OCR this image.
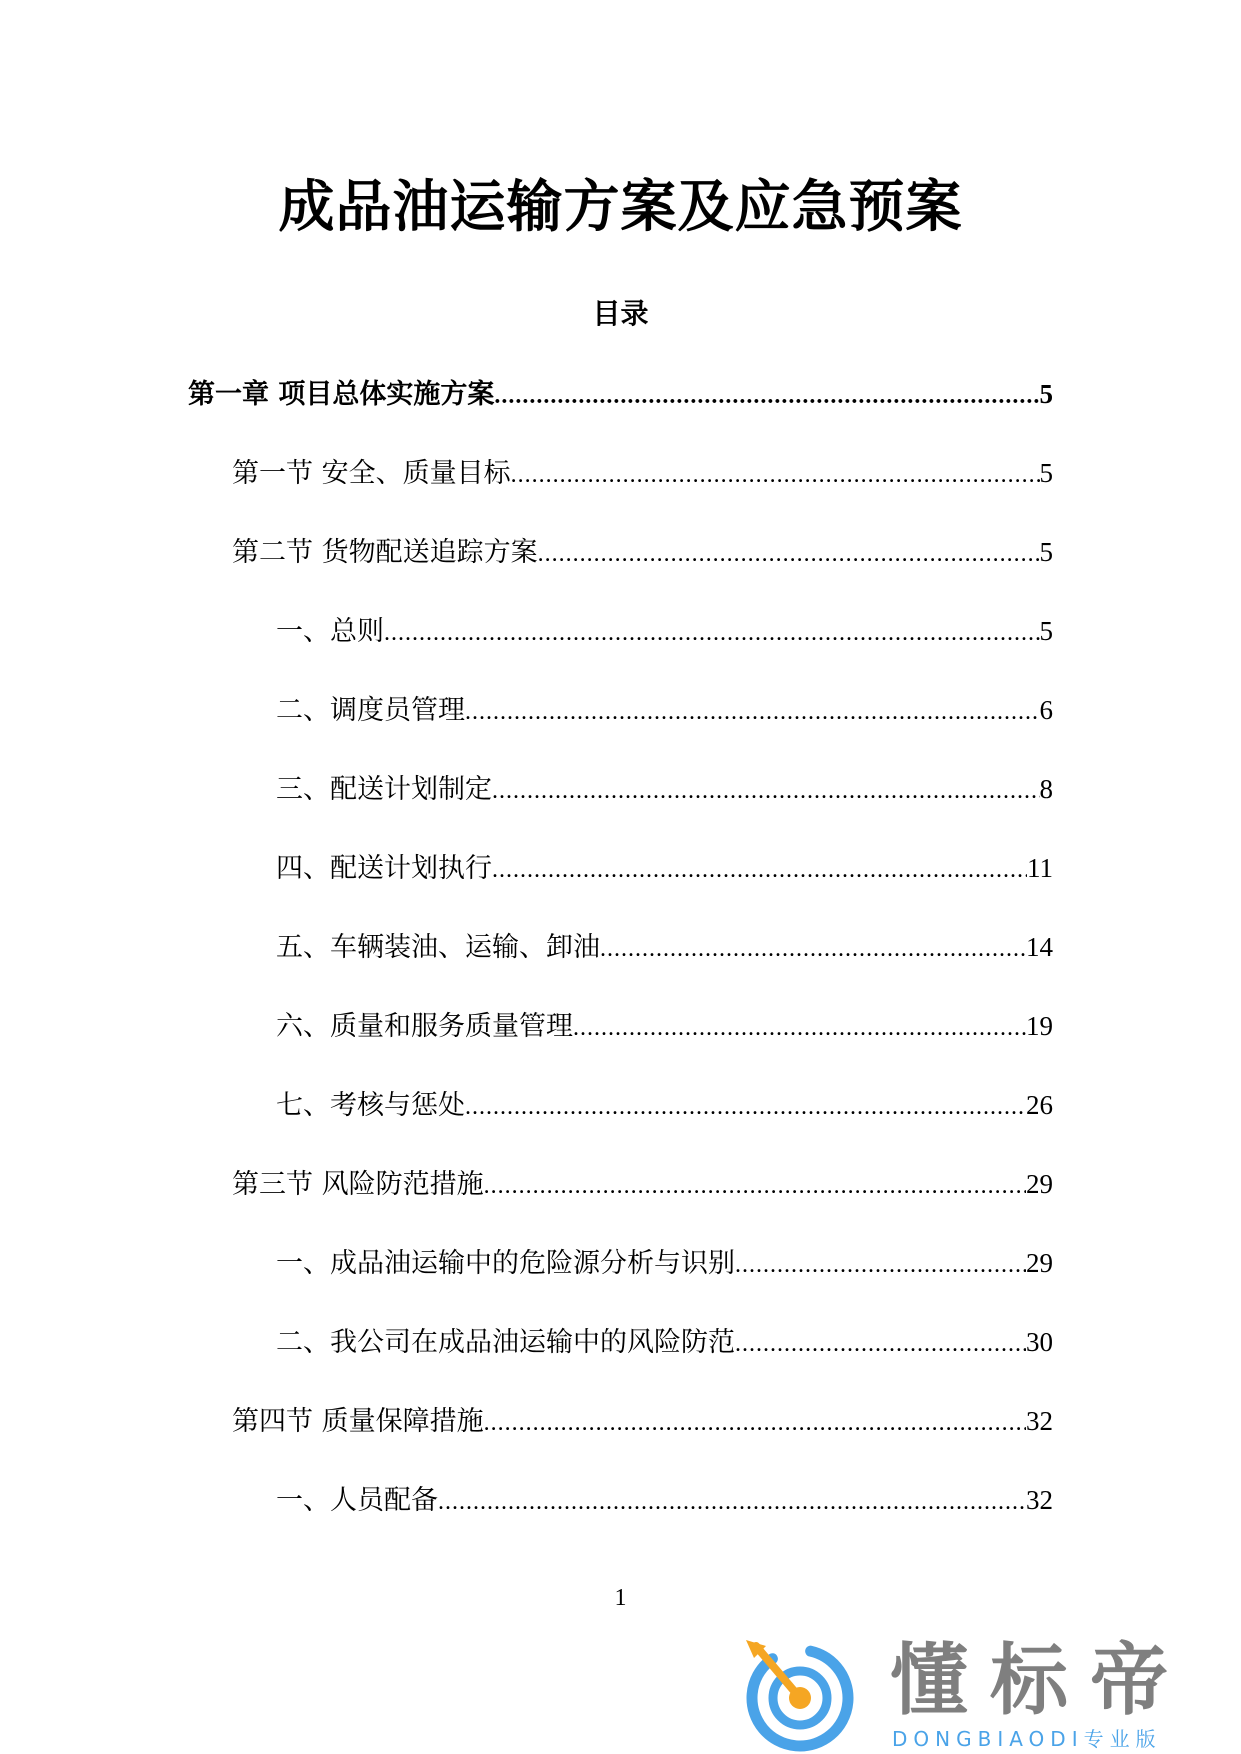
成品油运输方案及应急预案
目录
第一章 项目总体实施方案 .....	5
第一节 安全、质量目标 .....	5
第二节 货物配送追踪方案 .....	5
一、总则 .....	5
二、调度员管理 .....	6
三、配送计划制定 .....	8
四、配送计划执行 .....	11
五、车辆装油、运输、卸油 .....	14
六、质量和服务质量管理 .....	19
七、考核与惩处 .....	26
第三节 风险防范措施 .....	29
一、成品油运输中的危险源分析与识别 .....	29
二、我公司在成品油运输中的风险防范 .....	30
第四节 质量保障措施 .....	32
一、人员配备 .....	32
1
懂标帝
DONGBIAODI专业版
